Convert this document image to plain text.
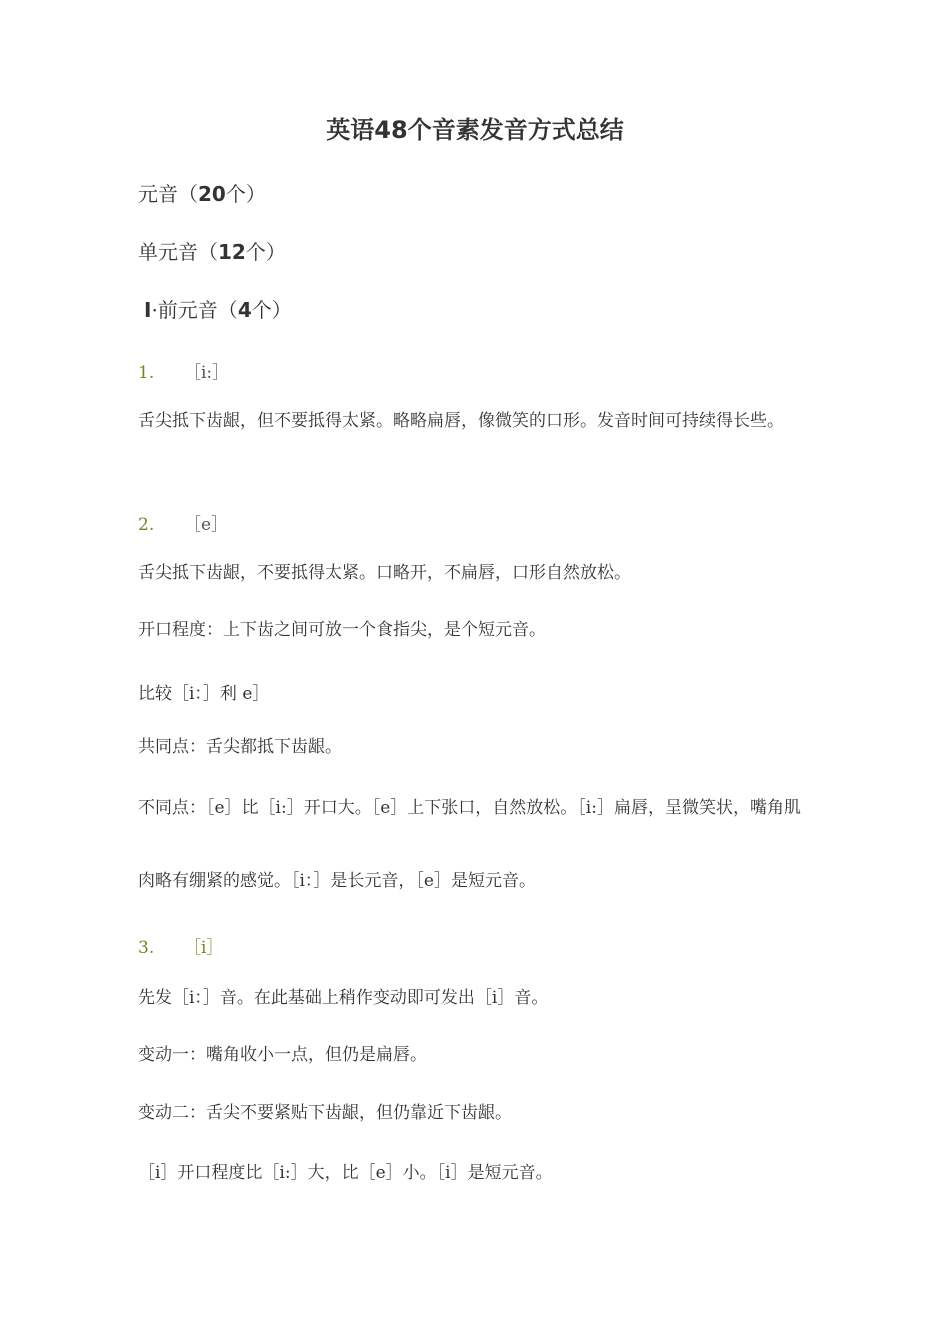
英语48个音素发音方式总结

元音（20个）

单元音（12个）

I·前元音（4个）

1. ［i:］

舌尖抵下齿龈，但不要抵得太紧。略略扁唇，像微笑的口形。发音时间可持续得长些。

2. ［e］

舌尖抵下齿龈，不要抵得太紧。口略开，不扁唇，口形自然放松。

开口程度：上下齿之间可放一个食指尖，是个短元音。

比较［i：］利 e］

共同点：舌尖都抵下齿龈。

不同点：［e］比［i:］开口大。［e］上下张口，自然放松。［i:］扁唇，呈微笑状，嘴角肌

肉略有绷紧的感觉。［i：］是长元音，［e］是短元音。

3. ［i］

先发［i：］音。在此基础上稍作变动即可发出［i］音。

变动一：嘴角收小一点，但仍是扁唇。

变动二：舌尖不要紧贴下齿龈，但仍靠近下齿龈。

［i］开口程度比［i:］大，比［e］小。［i］是短元音。
